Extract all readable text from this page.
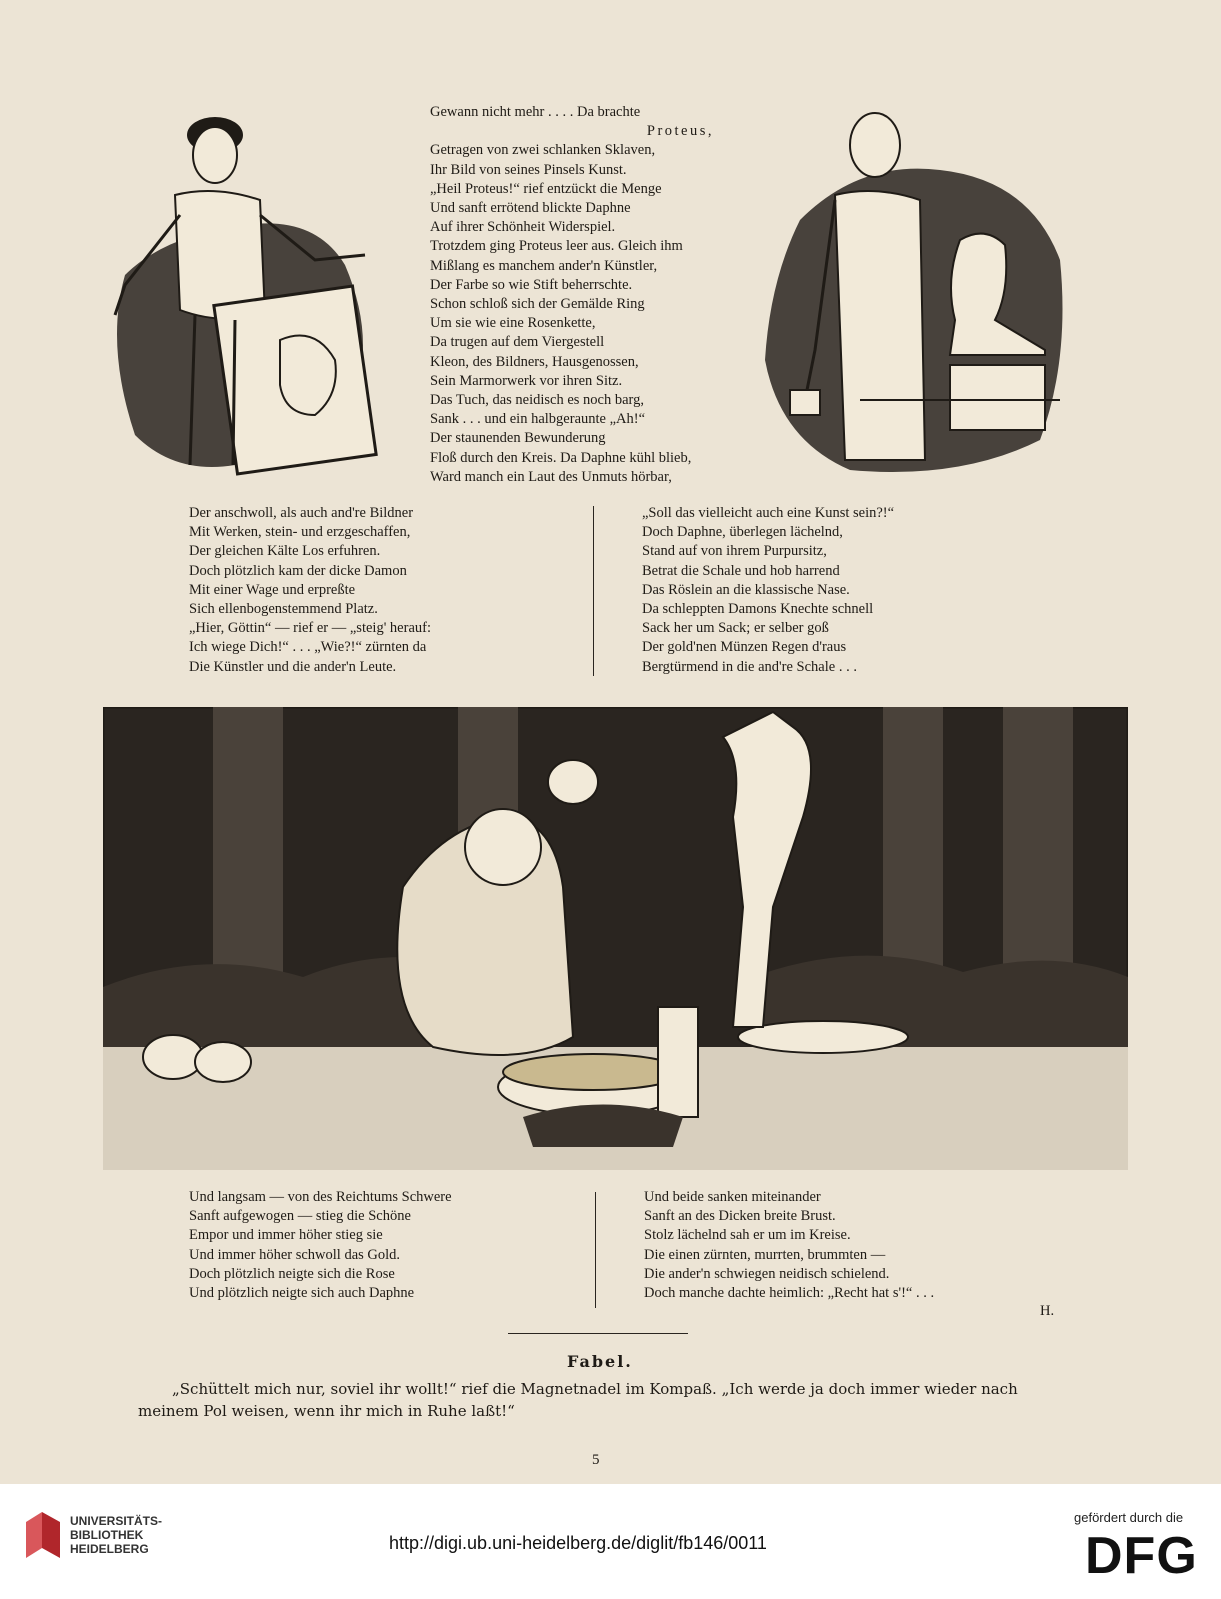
Gewann nicht mehr . . . . Da brachte
Proteus,
Getragen von zwei schlanken Sklaven,
Ihr Bild von seines Pinsels Kunst.
„Heil Proteus!“ rief entzückt die Menge
Und sanft errötend blickte Daphne
Auf ihrer Schönheit Widerspiel.
Trotzdem ging Proteus leer aus. Gleich ihm
Mißlang es manchem ander'n Künstler,
Der Farbe so wie Stift beherrschte.
Schon schloß sich der Gemälde Ring
Um sie wie eine Rosenkette,
Da trugen auf dem Viergestell
Kleon, des Bildners, Hausgenossen,
Sein Marmorwerk vor ihren Sitz.
Das Tuch, das neidisch es noch barg,
Sank . . . und ein halbgeraunte „Ah!“
Der staunenden Bewunderung
Floß durch den Kreis. Da Daphne kühl blieb,
Ward manch ein Laut des Unmuts hörbar,
Der anschwoll, als auch and're Bildner
Mit Werken, stein- und erzgeschaffen,
Der gleichen Kälte Los erfuhren.
Doch plötzlich kam der dicke Damon
Mit einer Wage und erpreßte
Sich ellenbogenstemmend Platz.
„Hier, Göttin“ — rief er — „steig' herauf:
Ich wiege Dich!“ . . . „Wie?!“ zürnten da
Die Künstler und die ander'n Leute.
„Soll das vielleicht auch eine Kunst sein?!“
Doch Daphne, überlegen lächelnd,
Stand auf von ihrem Purpursitz,
Betrat die Schale und hob harrend
Das Röslein an die klassische Nase.
Da schleppten Damons Knechte schnell
Sack her um Sack; er selber goß
Der gold'nen Münzen Regen d'raus
Bergtürmend in die and're Schale . . .
Und langsam — von des Reichtums Schwere
Sanft aufgewogen — stieg die Schöne
Empor und immer höher stieg sie
Und immer höher schwoll das Gold.
Doch plötzlich neigte sich die Rose
Und plötzlich neigte sich auch Daphne
Und beide sanken miteinander
Sanft an des Dicken breite Brust.
Stolz lächelnd sah er um im Kreise.
Die einen zürnten, murrten, brummten —
Die ander'n schwiegen neidisch schielend.
Doch manche dachte heimlich: „Recht hat s'!“ . . .
H.
Fabel.
„Schüttelt mich nur, soviel ihr wollt!“ rief die Magnetnadel im Kompaß. „Ich werde ja doch immer wieder nach
meinem Pol weisen, wenn ihr mich in Ruhe laßt!“
5
UNIVERSITÄTS-
BIBLIOTHEK
HEIDELBERG	http://digi.ub.uni-heidelberg.de/diglit/fb146/0011
gefördert durch die
DFG
